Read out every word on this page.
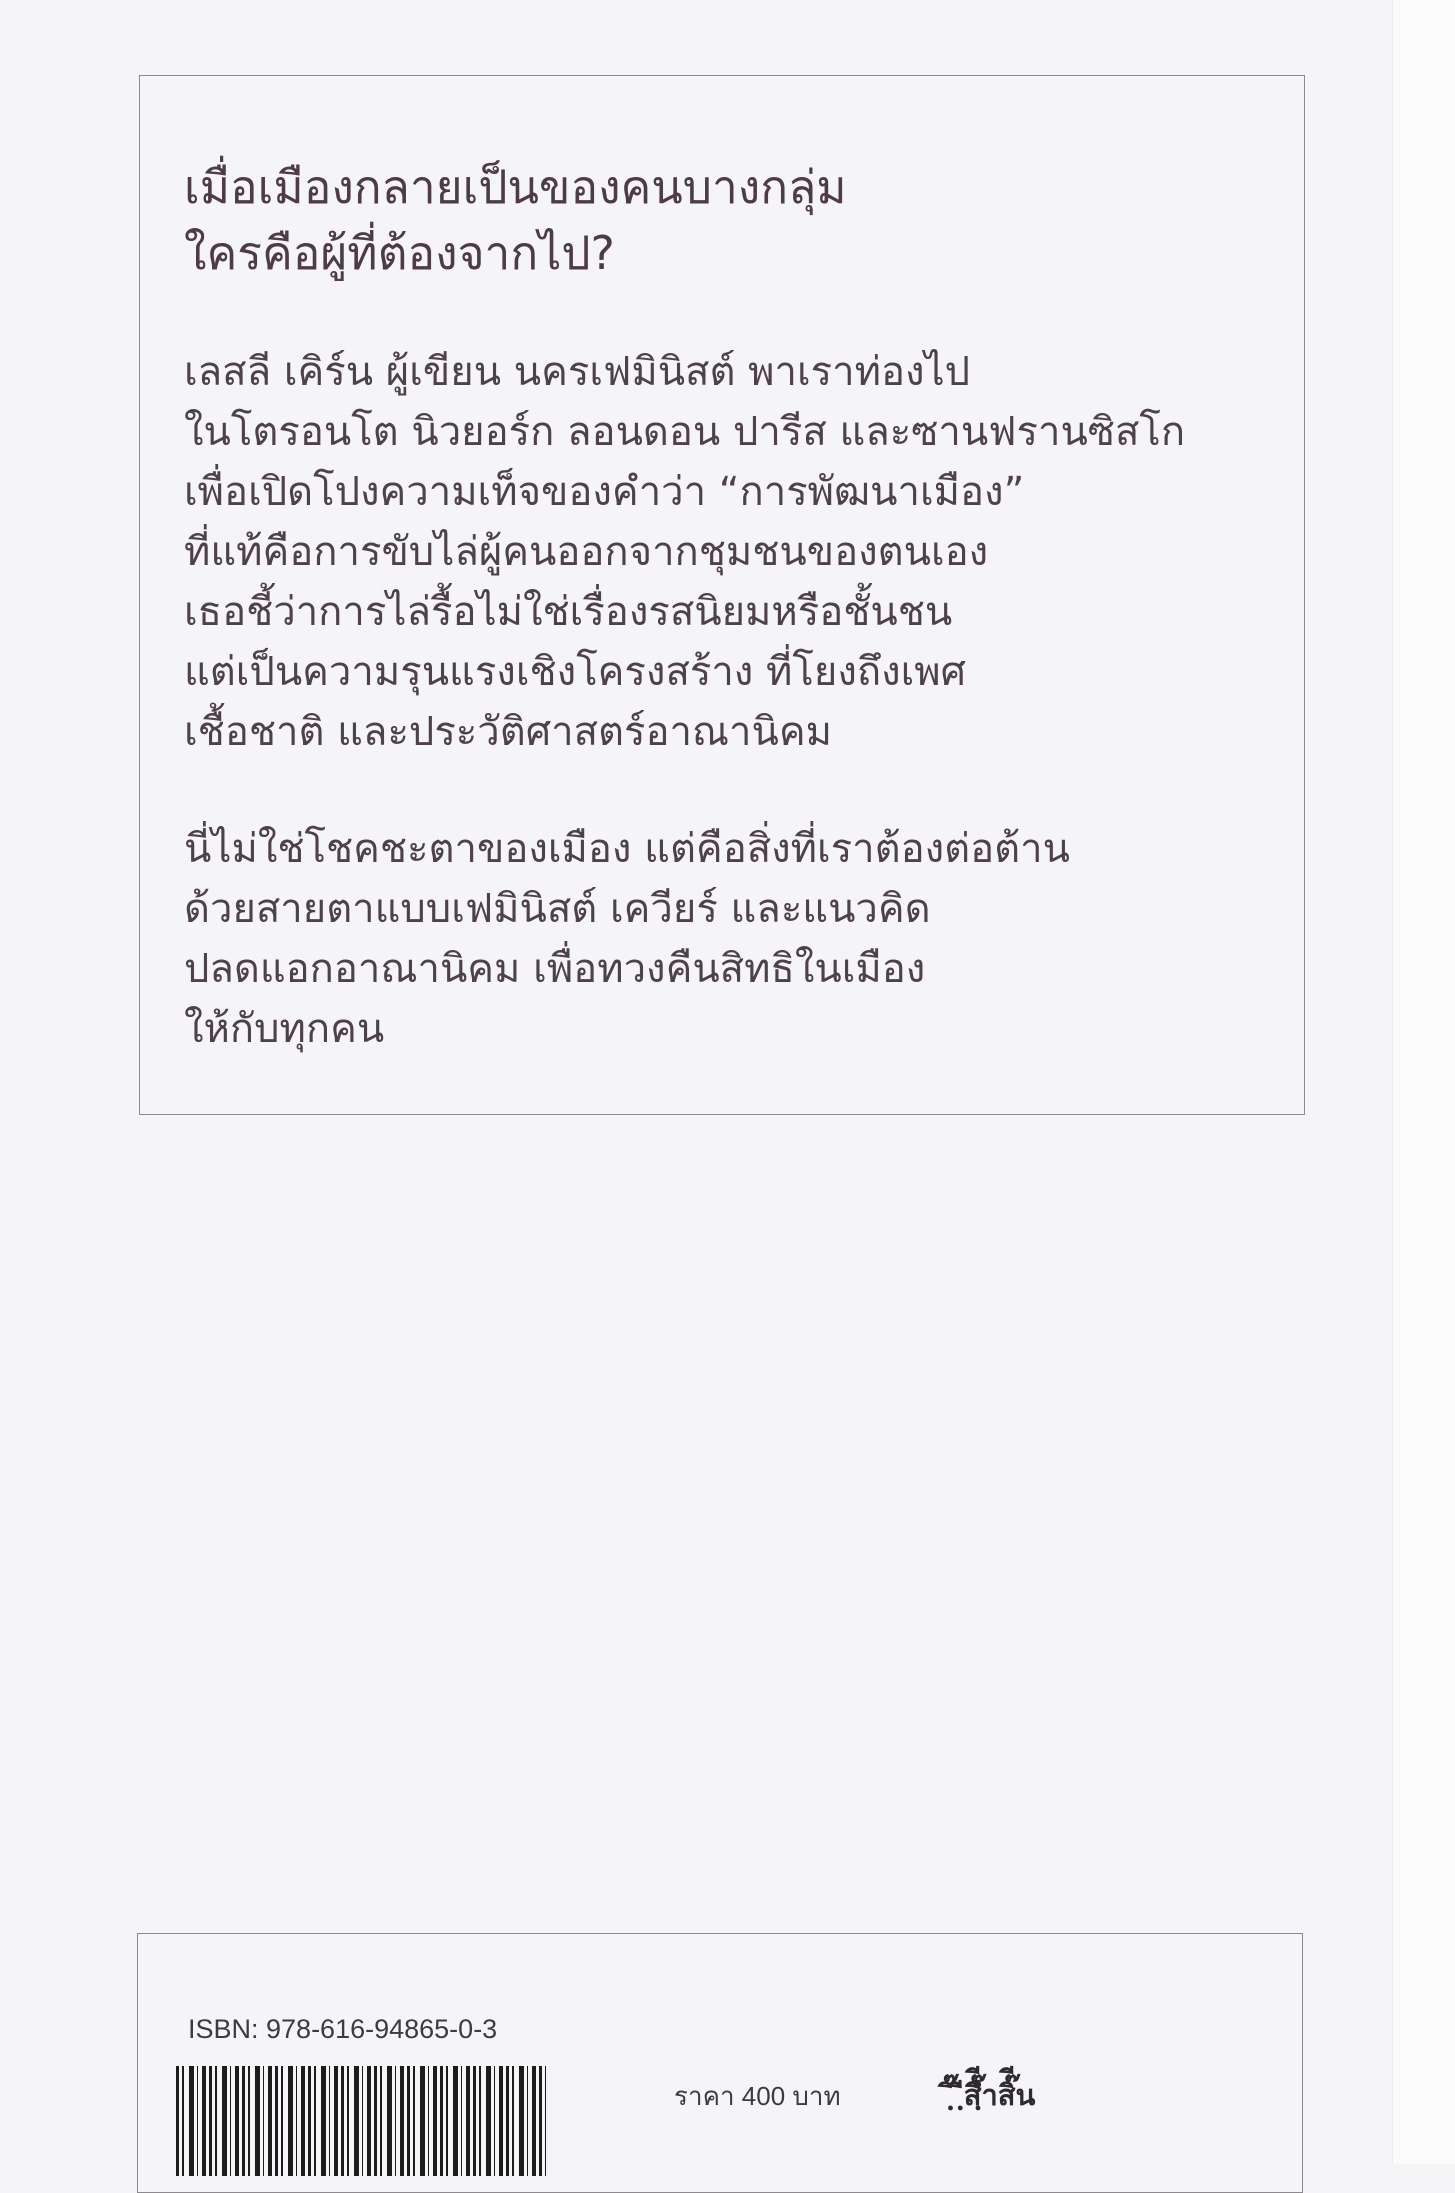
เมื่อเมืองกลายเป็นของคนบางกลุ่ม
ใครคือผู้ที่ต้องจากไป?

เลสลี เคิร์น ผู้เขียน นครเฟมินิสต์ พาเราท่องไป
ในโตรอนโต นิวยอร์ก ลอนดอน ปารีส และซานฟรานซิสโก
เพื่อเปิดโปงความเท็จของคำว่า “การพัฒนาเมือง”
ที่แท้คือการขับไล่ผู้คนออกจากชุมชนของตนเอง
เธอชี้ว่าการไล่รื้อไม่ใช่เรื่องรสนิยมหรือชั้นชน
แต่เป็นความรุนแรงเชิงโครงสร้าง ที่โยงถึงเพศ
เชื้อชาติ และประวัติศาสตร์อาณานิคม

นี่ไม่ใช่โชคชะตาของเมือง แต่คือสิ่งที่เราต้องต่อต้าน
ด้วยสายตาแบบเฟมินิสต์ เควียร์ และแนวคิด
ปลดแอกอาณานิคม เพื่อทวงคืนสิทธิในเมือง
ให้กับทุกคน

ISBN: 978-616-94865-0-3

ราคา 400 บาท	ฺิ๊ ิฺีสิ๊ีฺีำสิ๊ีน
